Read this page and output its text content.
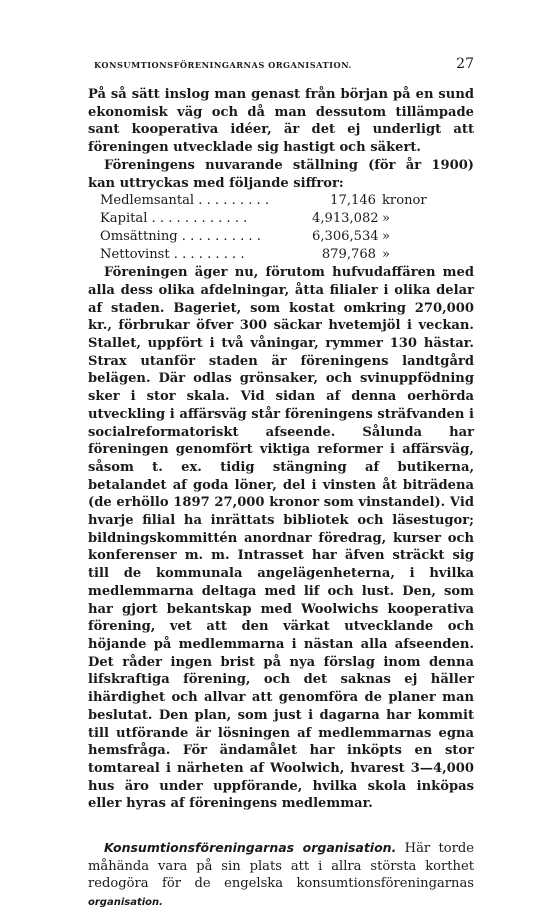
KONSUMTIONSFÖRENINGARNAS ORGANISATION.	27

På så sätt inslog man genast från början på en sund ekonomisk väg och då man dessutom tillämpade sant kooperativa idéer, är det ej underligt att föreningen utvecklade sig hastigt och säkert.

Föreningens nuvarande ställning (för år 1900) kan uttryckas med följande siffror:

Medlemsantal . . . . . . . . .	17,146 kronor
Kapital . . . . . . . . . . . .	4,913,082 »
Omsättning . . . . . . . . . .	6,306,534 »
Nettovinst . . . . . . . . .	879,768 »

Föreningen äger nu, förutom hufvudaffären med alla dess olika afdelningar, åtta filialer i olika delar af staden. Bageriet, som kostat omkring 270,000 kr., förbrukar öfver 300 säckar hvetemjöl i veckan. Stallet, uppfört i två våningar, rymmer 130 hästar. Strax utanför staden är föreningens landtgård belägen. Där odlas grönsaker, och svinuppfödning sker i stor skala. Vid sidan af denna oerhörda utveckling i affärsväg står föreningens sträfvanden i socialreformatoriskt afseende. Sålunda har föreningen genomfört viktiga reformer i affärsväg, såsom t. ex. tidig stängning af butikerna, betalandet af goda löner, del i vinsten åt biträdena (de erhöllo 1897 27,000 kronor som vinstandel). Vid hvarje filial ha inrättats bibliotek och läsestugor; bildningskommittén anordnar föredrag, kurser och konferenser m. m. Intrasset har äfven sträckt sig till de kommunala angelägenheterna, i hvilka medlemmarna deltaga med lif och lust. Den, som har gjort bekantskap med Woolwichs kooperativa förening, vet att den värkat utvecklande och höjande på medlemmarna i nästan alla afseenden. Det råder ingen brist på nya förslag inom denna lifskraftiga förening, och det saknas ej häller ihärdighet och allvar att genomföra de planer man beslutat. Den plan, som just i dagarna har kommit till utförande är lösningen af medlemmarnas egna hemsfråga. För ändamålet har inköpts en stor tomtareal i närheten af Woolwich, hvarest 3—4,000 hus äro under uppförande, hvilka skola inköpas eller hyras af föreningens medlemmar.

Konsumtionsföreningarnas organisation. Här torde måhända vara på sin plats att i allra största korthet redogöra för de engelska konsumtionsföreningarnas organisation.
